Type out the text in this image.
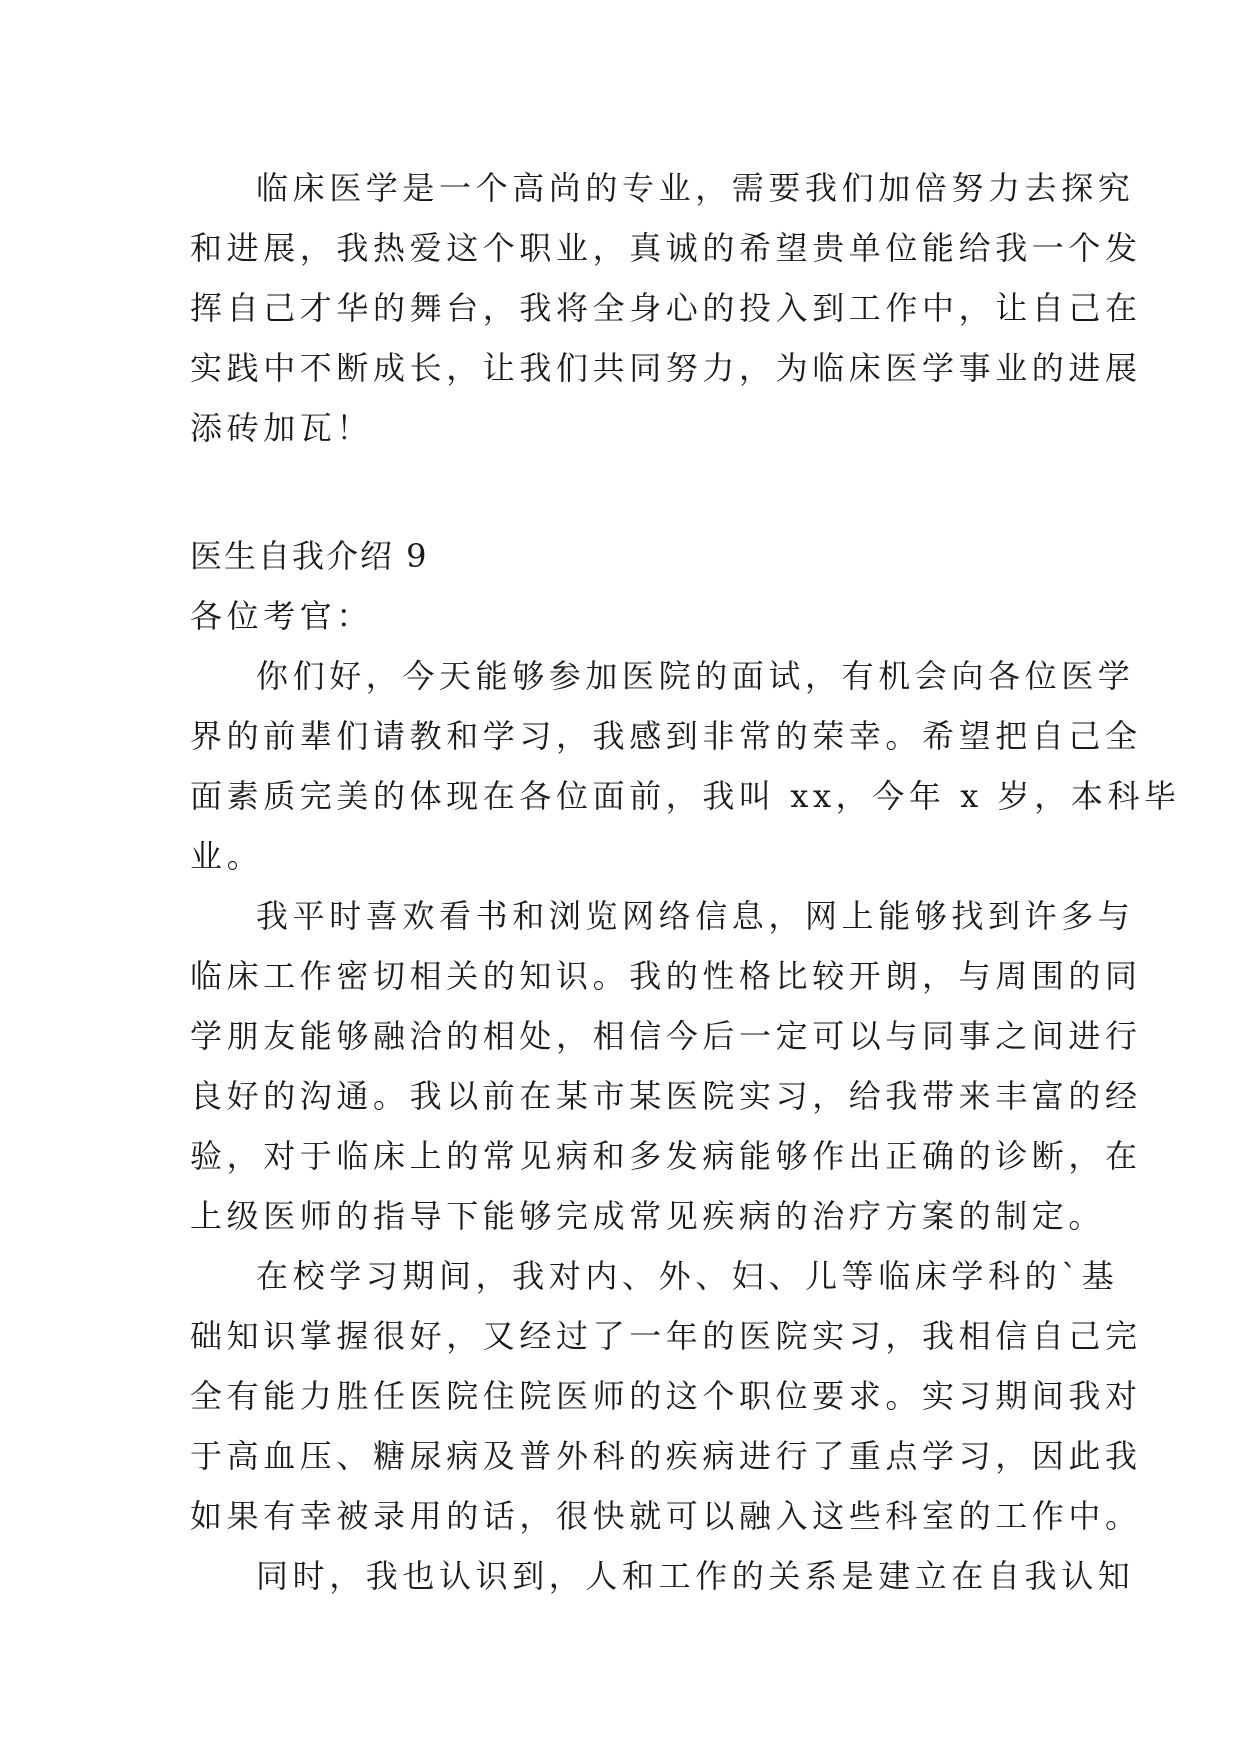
临床医学是一个高尚的专业，需要我们加倍努力去探究
和进展，我热爱这个职业，真诚的希望贵单位能给我一个发
挥自己才华的舞台，我将全身心的投入到工作中，让自己在
实践中不断成长，让我们共同努力，为临床医学事业的进展
添砖加瓦！
医生自我介绍 9
各位考官：
你们好，今天能够参加医院的面试，有机会向各位医学
界的前辈们请教和学习，我感到非常的荣幸。希望把自己全
面素质完美的体现在各位面前，我叫 xx，今年 x 岁，本科毕
业。
我平时喜欢看书和浏览网络信息，网上能够找到许多与
临床工作密切相关的知识。我的性格比较开朗，与周围的同
学朋友能够融洽的相处，相信今后一定可以与同事之间进行
良好的沟通。我以前在某市某医院实习，给我带来丰富的经
验，对于临床上的常见病和多发病能够作出正确的诊断，在
上级医师的指导下能够完成常见疾病的治疗方案的制定。
在校学习期间，我对内、外、妇、儿等临床学科的`基
础知识掌握很好，又经过了一年的医院实习，我相信自己完
全有能力胜任医院住院医师的这个职位要求。实习期间我对
于高血压、糖尿病及普外科的疾病进行了重点学习，因此我
如果有幸被录用的话，很快就可以融入这些科室的工作中。
同时，我也认识到，人和工作的关系是建立在自我认知
